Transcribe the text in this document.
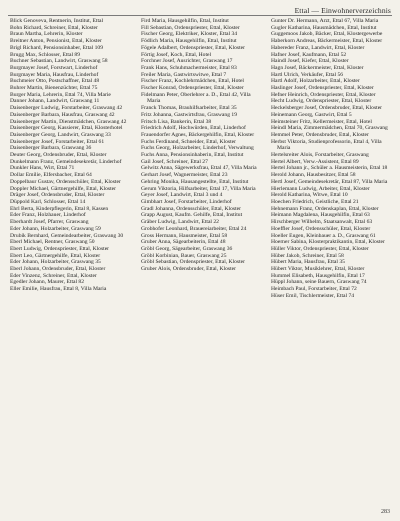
Ettal — Einwohnerverzeichnis
Blick Genoveva, Rentnerin, Institut, Ettal
Bohn Richard, Schreiner, Ettal, Kloster
Braun Martha, Lehrerin, Kloster
Breitner Anton, Pensionist, Ettal, Kloster
Brigl Richard, Pensionsinhaber, Ettal 109
Brugg Max, Schlosser, Ettal 89
Buchner Sebastian, Landwirt, Graswang 58
Burgmayer Josef, Forstwart, Linderhof
Burgmayer Maria, Hausfrau, Linderhof
Buchmeier Otto, Postschaffner, Ettal 48
Buhrer Martin, Bienenzüchter, Ettal 75
Burger Maria, Lehrerin, Ettal 74, Villa Marie
Danner Johann, Landwirt, Graswang 11
Daisenberger Ludwig, Forstarbeiter, Graswang 42
Daisenberger Barbara, Hausfrau, Graswang 42
Daisenberger Martin, Dienstmädchen, Graswang 42
Daisenberger Georg, Kassierer, Ettal, Klosterhotel
Daisenberger Georg, Landwirt, Graswang 33
Daisenberger Josef, Forstarbeiter, Ettal 61
Daisenberger Barbara, Graswang 36
Deuter Georg, Ordensbruder, Ettal, Kloster
Dunkelmann Franz, Gemeindesekretär, Linderhof
Dunkler Hans, Wirt, Ettal 71
Dollar Emilie, Elfersbacher, Ettal 64
Doppelbaur Gustav, Ordensschüler, Ettal, Kloster
Doppler Michael, Gärtnergehilfe, Ettal, Kloster
Dräger Josef, Ordensbruder, Ettal, Kloster
Düppold Karl, Schlosser, Ettal 14
Ehrl Berta, Kinderpflegerin, Ettal 8, Kassen
Eder Franz, Holzhauer, Linderhof
Eberhardt Josef, Pfarrer, Graswang
Eder Johann, Holzarbeiter, Graswang 59
Drubik Bernhard, Gemeindearbeiter, Graswang 30
Eberl Michael, Rentner, Graswang 50
Ebert Ludwig, Ordenspriester, Ettal, Kloster
Ebert Leo, Gärtnergehilfe, Ettal, Kloster
Eder Johann, Holzarbeiter, Graswang 35
Eberl Johann, Ordensbruder, Ettal, Kloster
Eder Vinzenz, Schreiner, Ettal, Kloster
Egedler Johann, Maurer, Ettal 82
Eller Emilie, Hausfrau, Ettal 8, Villa Maria
Fird Maria, Hausgehilfin, Ettal, Institut
Fill Sebastian, Ordenspriester, Ettal, Kloster
Fischer Georg, Elektriker, Kloster, Ettal 34
Födlich Maria, Hausgehilfin, Ettal, Institut
Fögele Adalbert, Ordenspriester, Ettal, Kloster
Förtig Josef, Koch, Ettal, Hotel
Forchner Josef, Ausrichter, Graswang 17
Frank Hans, Schuhmachermeister, Ettal 83
Freiler Maria, Gastwirtswitwe, Ettal 7
Fischer Franz, Kochlehrmädchen, Ettal, Hotel
Fischer Konrad, Ordenspriester, Ettal, Kloster
Fidelmann Peter, Oberlehrer a. D., Ettal 42, Villa Maria
Franck Thomas, Brauhilfsarbeiter, Ettal 35
Fritz Johanna, Gastwirtsfrau, Graswang 19
Fritsch Lisa, Bankerin, Ettal 38
Friedrich Adolf, Hochwürden, Ettal, Linderhof
Frauendorfer Agnes, Bäckergehilfin, Ettal, Kloster
Fuchs Ferdinand, Schneider, Ettal, Kloster
Fuchs Georg, Holzarbeiter, Linderhof, Verwaltung
Fuchs Anna, Pensionsinhaberin, Ettal, Institut
Gail Josef, Schreiner, Ettal 27
Gelwitz Anna, Sägewerksfrau, Ettal 47, Villa Maria
Gerhart Josef, Wagnermeister, Ettal 23
Gehring Monika, Hausangestellte, Ettal, Institut
Gerum Viktoria, Hilfsarbeiter, Ettal 17, Villa Maria
Geyer Josef, Landwirt, Ettal 3 und 4
Gimbhart Josef, Forstarbeiter, Linderhof
Gradl Johanna, Ordensschüler, Ettal, Kloster
Grapp August, Kaufm. Gehilfe, Ettal, Institut
Gräber Ludwig, Landwirt, Ettal 22
Grobhofer Leonhard, Brauereiarbeiter, Ettal 24
Gross Hermann, Hausmeister, Ettal 58
Gruber Anna, Sägearbeiterin, Ettal 48
Gröbl Georg, Sägearbeiter, Graswang 36
Gröbl Korbinian, Bauer, Graswang 25
Gröbl Sebastian, Ordenspriester, Ettal, Kloster
Gruber Alois, Ordensbruder, Ettal, Kloster
Gunter Dr. Hermann, Arzt, Ettal 67, Villa Maria
Gugler Katharina, Hausmädchen, Ettal, Institut
Guggemoos Jakob, Bäcker, Ettal, Klostergewerbe
Haberkorn Andreas, Bäckermeister, Ettal, Kloster
Habereder Franz, Landwirt, Ettal, Kloster
Hafner Josef, Kaufmann, Ettal 52
Haindl Josef, Kiefer, Ettal, Kloster
Hagn Josef, Bäckermeister, Ettal, Kloster
Hartl Ulrich, Verkäufer, Ettal 56
Hartl Adolf, Holzarbeiter, Ettal, Kloster
Haslinger Josef, Ordenspriester, Ettal, Kloster
Hefner Heinrich, Ordenspriester, Ettal, Kloster
Hecht Ludwig, Ordenspriester, Ettal, Kloster
Heckelsberger Josef, Ordensbruder, Ettal, Kloster
Heinemann Georg, Gastwirt, Ettal 5
Heimsteiner Fritz, Kellermeister, Ettal, Hotel
Heindl Maria, Zimmermädchen, Ettal 70, Graswang
Hemmel Peter, Ordensbruder, Ettal, Kloster
Herbst Viktoria, Studienprofessorin, Ettal 4, Villa Maria
Hertelsreiter Alois, Forstarbeiter, Graswang
Hertel Albert, Verw.-Assistent, Ettal 89
Hertel Johann jr., Schüler a. Hausmeisterin, Ettal 18
Herold Johann, Hausbesitzer, Ettal 58
Hertl Josef, Gemeindesekretär, Ettal 87, Villa Maria
Hierlemann Ludwig, Arbeiter, Ettal, Kloster
Herold Katharina, Witwe, Ettal 10
Hoechen Friedrich, Geistliche, Ettal 21
Hehnemann Franz, Ordenskaplan, Ettal, Kloster
Heimann Magdalena, Hausgehilfin, Ettal 63
Hirschberger Wilhelm, Staatsanwalt, Ettal 63
Hoeffler Josef, Ordensschüler, Ettal, Kloster
Hoeller Eugen, Kleinbauer a. D., Graswang 61
Hoerner Sabina, Klosterpraktikantin, Ettal, Kloster
Hüller Viktor, Ordenspriester, Ettal, Kloster
Hüber Jakob, Schreiner, Ettal 58
Hübert Maria, Hausfrau, Ettal 35
Hübert Viktor, Musiklehrer, Ettal, Kloster
Hummel Elisabeth, Hausgehilfin, Ettal 17
Hüppl Johann, seine Bauern, Graswang 74
Heimbach Paul, Forstarbeiter, Ettal 72
Hüser Emil, Tischlermeister, Ettal 74
283
